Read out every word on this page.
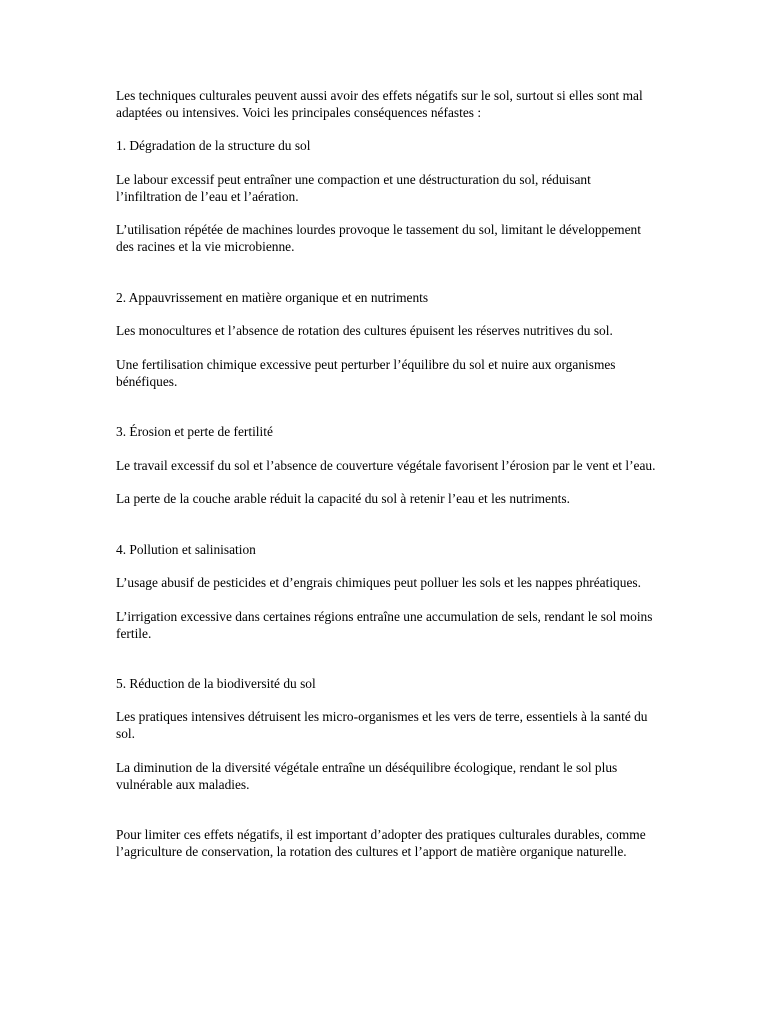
Les techniques culturales peuvent aussi avoir des effets négatifs sur le sol, surtout si elles sont mal adaptées ou intensives. Voici les principales conséquences néfastes :

1. Dégradation de la structure du sol

Le labour excessif peut entraîner une compaction et une déstructuration du sol, réduisant l’infiltration de l’eau et l’aération.

L’utilisation répétée de machines lourdes provoque le tassement du sol, limitant le développement des racines et la vie microbienne.

2. Appauvrissement en matière organique et en nutriments

Les monocultures et l’absence de rotation des cultures épuisent les réserves nutritives du sol.

Une fertilisation chimique excessive peut perturber l’équilibre du sol et nuire aux organismes bénéfiques.

3. Érosion et perte de fertilité

Le travail excessif du sol et l’absence de couverture végétale favorisent l’érosion par le vent et l’eau.

La perte de la couche arable réduit la capacité du sol à retenir l’eau et les nutriments.

4. Pollution et salinisation

L’usage abusif de pesticides et d’engrais chimiques peut polluer les sols et les nappes phréatiques.

L’irrigation excessive dans certaines régions entraîne une accumulation de sels, rendant le sol moins fertile.

5. Réduction de la biodiversité du sol

Les pratiques intensives détruisent les micro-organismes et les vers de terre, essentiels à la santé du sol.

La diminution de la diversité végétale entraîne un déséquilibre écologique, rendant le sol plus vulnérable aux maladies.

Pour limiter ces effets négatifs, il est important d’adopter des pratiques culturales durables, comme l’agriculture de conservation, la rotation des cultures et l’apport de matière organique naturelle.
